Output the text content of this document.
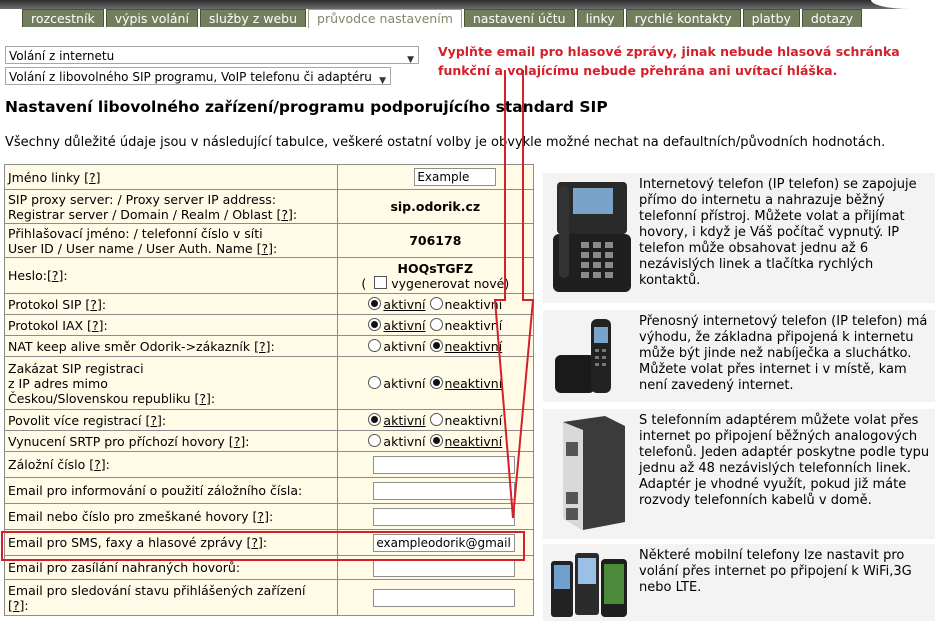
rozcestník	výpis volání	služby z webu	průvodce nastavením	nastavení účtu	linky	rychlé kontakty	platby	dotazy
Volání z internetu	▼
Volání z libovolného SIP programu, VoIP telefonu či adaptéru ▼
Vyplňte email pro hlasové zprávy, jinak nebude hlasová schránka funkční a volajícímu nebude přehrána ani uvítací hláška.
Nastavení libovolného zařízení/programu podporujícího standard SIP
Všechny důležité údaje jsou v následující tabulce, veškeré ostatní volby je obvykle možné nechat na defaultních/původních hodnotách.
Jméno linky [?]	Example
SIP proxy server: / Proxy server IP address:
Registrar server / Domain / Realm / Oblast [?]:	sip.odorik.cz
Přihlašovací jméno: / telefonní číslo v síti
User ID / User name / User Auth. Name [?]:	706178
Heslo:[?]:	HOQsTGFZ
( vygenerovat nové)
Protokol SIP [?]:	aktivní neaktivní
Protokol IAX [?]:	aktivní neaktivní
NAT keep alive směr Odorik->zákazník [?]:	aktivní neaktivní
Zakázat SIP registraci
z IP adres mimo
Českou/Slovenskou republiku [?]:	aktivní neaktivní
Povolit více registrací [?]:	aktivní neaktivní
Vynucení SRTP pro příchozí hovory [?]:	aktivní neaktivní
Záložní číslo [?]:	
Email pro informování o použití záložního čísla:	
Email nebo číslo pro zmeškané hovory [?]:	
Email pro SMS, faxy a hlasové zprávy [?]:	exampleodorik@gmail
Email pro zasílání nahraných hovorů:	
Email pro sledování stavu přihlášených zařízení
[?]:	
Internetový telefon (IP telefon) se zapojuje přímo do internetu a nahrazuje běžný telefonní přístroj. Můžete volat a přijímat hovory, i když je Váš počítač vypnutý. IP telefon může obsahovat jednu až 6 nezávislých linek a tlačítka rychlých kontaktů.
Přenosný internetový telefon (IP telefon) má výhodu, že základna připojená k internetu může být jinde než nabíječka a sluchátko. Můžete volat přes internet i v místě, kam není zavedený internet.
S telefonním adaptérem můžete volat přes internet po připojení běžných analogových telefonů. Jeden adaptér poskytne podle typu jednu až 48 nezávislých telefonních linek. Adaptér je vhodné využít, pokud již máte rozvody telefonních kabelů v domě.
Některé mobilní telefony lze nastavit pro volání přes internet po připojení k WiFi,3G nebo LTE.
